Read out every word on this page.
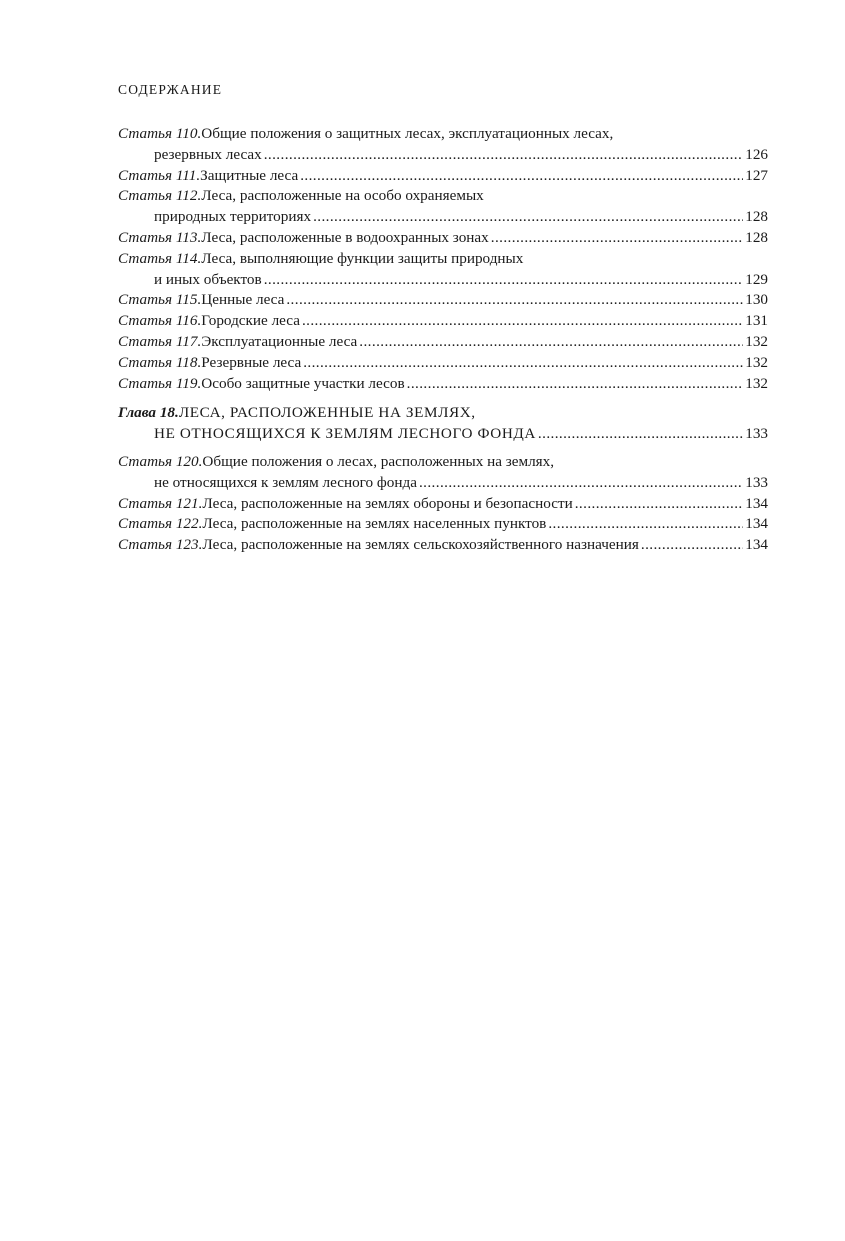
СОДЕРЖАНИЕ
Статья 110. Общие положения о защитных лесах, эксплуатационных лесах,
резервных лесах .....	126
Статья 111. Защитные леса .....	127
Статья 112. Леса, расположенные на особо охраняемых
природных территориях .....	128
Статья 113. Леса, расположенные в водоохранных зонах .....	128
Статья 114. Леса, выполняющие функции защиты природных
и иных объектов .....	129
Статья 115. Ценные леса .....	130
Статья 116. Городские леса .....	131
Статья 117. Эксплуатационные леса .....	132
Статья 118. Резервные леса .....	132
Статья 119. Особо защитные участки лесов .....	132
Глава 18. ЛЕСА, РАСПОЛОЖЕННЫЕ НА ЗЕМЛЯХ,
НЕ ОТНОСЯЩИХСЯ К ЗЕМЛЯМ ЛЕСНОГО ФОНДА .....	133
Статья 120. Общие положения о лесах, расположенных на землях,
не относящихся к землям лесного фонда .....	133
Статья 121. Леса, расположенные на землях обороны и безопасности .....	134
Статья 122. Леса, расположенные на землях населенных пунктов .....	134
Статья 123. Леса, расположенные на землях сельскохозяйственного назначения .....	134
